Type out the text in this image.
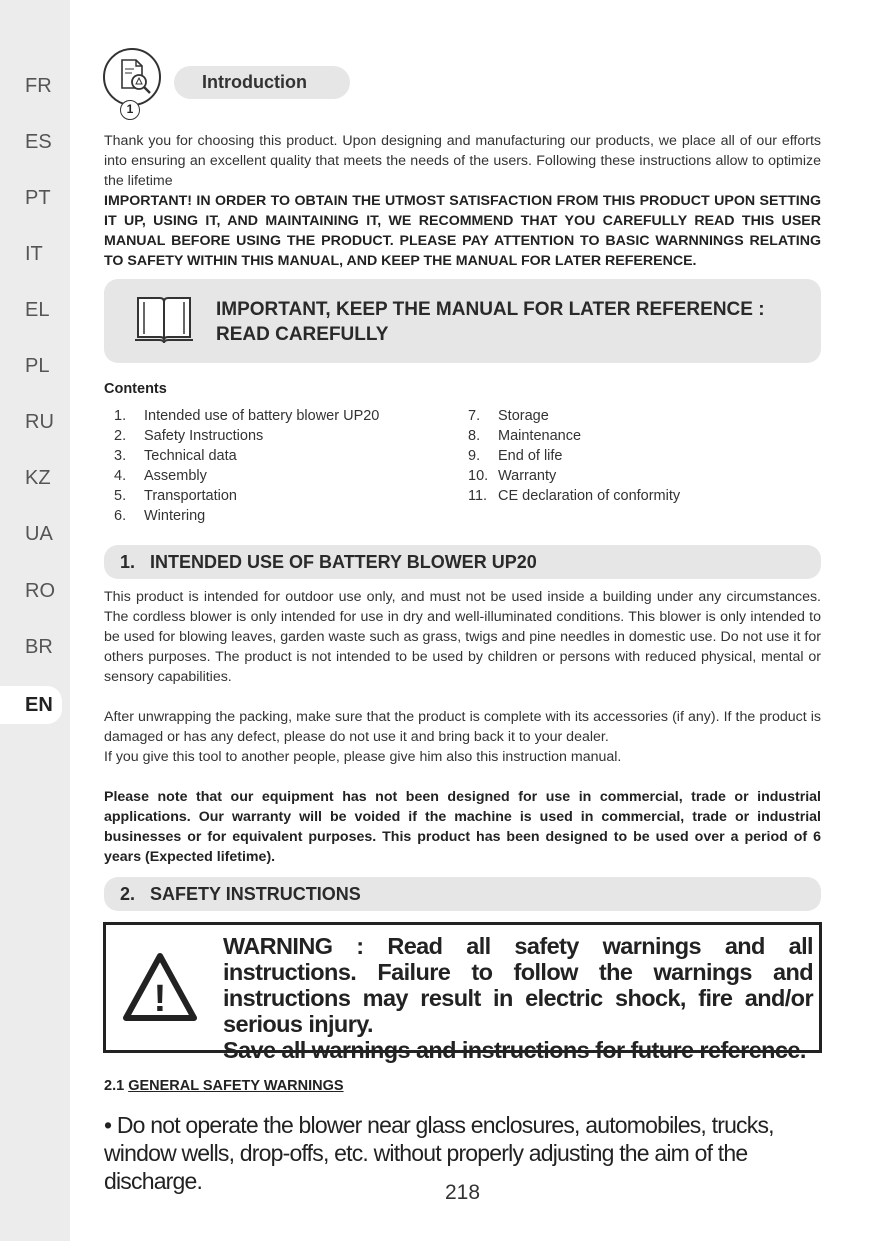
FR
ES
PT
IT
EL
PL
RU
KZ
UA
RO
BR
EN
1
Introduction

Thank you for choosing this product. Upon designing and manufacturing our products, we place all of our efforts into ensuring an excellent quality that meets the needs of the users. Following these instructions allow to optimize the lifetime

IMPORTANT! IN ORDER TO OBTAIN THE UTMOST SATISFACTION FROM THIS PRODUCT UPON SETTING IT UP, USING IT, AND MAINTAINING IT, WE RECOMMEND THAT YOU CAREFULLY READ THIS USER MANUAL BEFORE USING THE PRODUCT. PLEASE PAY ATTENTION TO BASIC WARNNINGS RELATING TO SAFETY WITHIN THIS MANUAL, AND KEEP THE MANUAL FOR LATER REFERENCE.

IMPORTANT, KEEP THE MANUAL FOR LATER REFERENCE : READ CAREFULLY
Contents
1. Intended use of battery blower UP20
2. Safety Instructions
3. Technical data
4. Assembly
5. Transportation
6. Wintering
7. Storage
8. Maintenance
9. End of life
10. Warranty
11. CE declaration of conformity
1.   INTENDED USE OF BATTERY BLOWER UP20

This product is intended for outdoor use only, and must not be used inside a building under any circumstances. The cordless blower is only intended for use in dry and well-illuminated conditions. This blower is only intended to be used for blowing leaves, garden waste such as grass, twigs and pine needles in domestic use. Do not use it for others purposes. The product is not intended to be used by children or persons with reduced physical, mental or sensory capabilities.

After unwrapping the packing, make sure that the product is complete with its accessories (if any). If the product is damaged or has any defect, please do not use it and bring back it to your dealer.

If you give this tool to another people, please give him also this instruction manual.

Please note that our equipment has not been designed for use in commercial, trade or industrial applications. Our warranty will be voided if the machine is used in commercial, trade or industrial businesses or for equivalent purposes. This product has been designed to be used over a period of 6 years (Expected lifetime).

2.   SAFETY INSTRUCTIONS
!
WARNING : Read all safety warnings and all instructions. Failure to follow the warnings and instructions may result in electric shock, fire and/or serious injury.
Save all warnings and instructions for future reference.
2.1 GENERAL SAFETY WARNINGS
• Do not operate the blower near glass enclosures, automobiles, trucks, window wells, drop-offs, etc. without properly adjusting the aim of the discharge.	218
